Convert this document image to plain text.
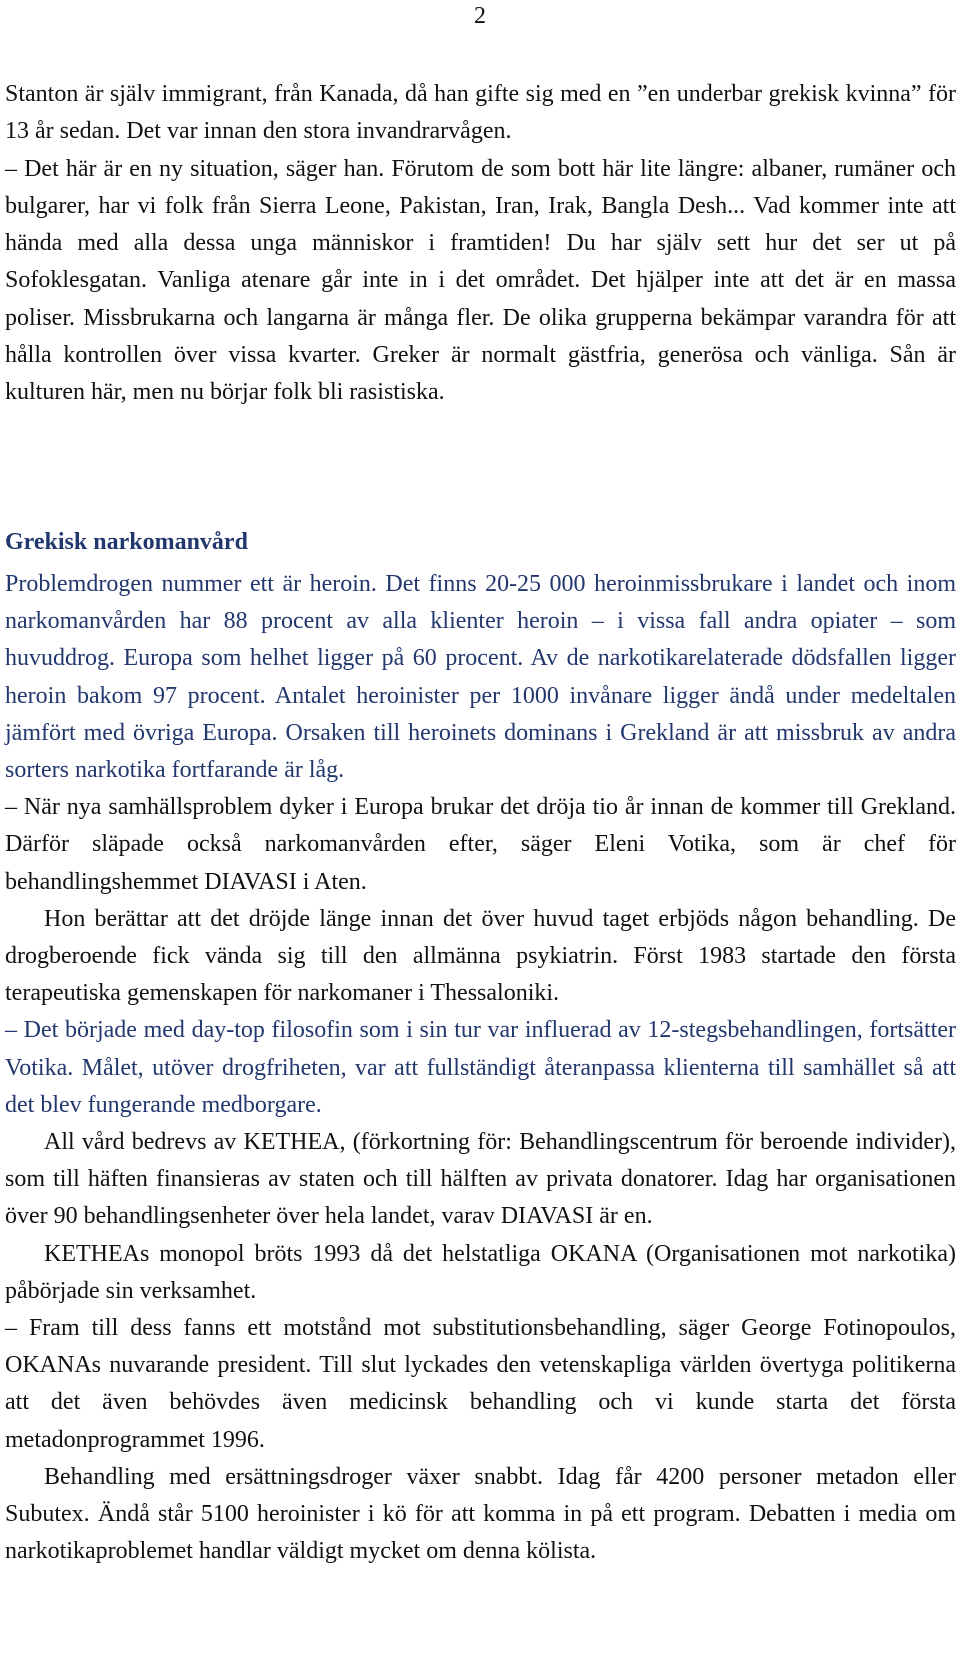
2

Stanton är själv immigrant, från Kanada, då han gifte sig med en ”en underbar grekisk kvinna” för 13 år sedan. Det var innan den stora invandrarvågen.

– Det här är en ny situation, säger han. Förutom de som bott här lite längre: albaner, rumäner och bulgarer, har vi folk från Sierra Leone, Pakistan, Iran, Irak, Bangla Desh... Vad kommer inte att hända med alla dessa unga människor i framtiden! Du har själv sett hur det ser ut på Sofoklesgatan. Vanliga atenare går inte in i det området. Det hjälper inte att det är en massa poliser. Missbrukarna och langarna är många fler. De olika grupperna bekämpar varandra för att hålla kontrollen över vissa kvarter. Greker är normalt gästfria, generösa och vänliga. Sån är kulturen här, men nu börjar folk bli rasistiska.

Grekisk narkomanvård

Problemdrogen nummer ett är heroin. Det finns 20-25 000 heroinmissbrukare i landet och inom narkomanvården har 88 procent av alla klienter heroin – i vissa fall andra opiater – som huvuddrog. Europa som helhet ligger på 60 procent. Av de narkotikarelaterade dödsfallen ligger heroin bakom 97 procent. Antalet heroinister per 1000 invånare ligger ändå under medeltalen jämfört med övriga Europa. Orsaken till heroinets dominans i Grekland är att missbruk av andra sorters narkotika fortfarande är låg.

– När nya samhällsproblem dyker i Europa brukar det dröja tio år innan de kommer till Grekland. Därför släpade också narkomanvården efter, säger Eleni Votika, som är chef för behandlingshemmet DIAVASI i Aten.

Hon berättar att det dröjde länge innan det över huvud taget erbjöds någon behandling. De drogberoende fick vända sig till den allmänna psykiatrin. Först 1983 startade den första terapeutiska gemenskapen för narkomaner i Thessaloniki.

– Det började med day-top filosofin som i sin tur var influerad av 12-stegsbehandlingen, fortsätter Votika. Målet, utöver drogfriheten, var att fullständigt återanpassa klienterna till samhället så att det blev fungerande medborgare.

All vård bedrevs av KETHEA, (förkortning för: Behandlingscentrum för beroende individer), som till häften finansieras av staten och till hälften av privata donatorer. Idag har organisationen över 90 behandlingsenheter över hela landet, varav DIAVASI är en.

KETHEAs monopol bröts 1993 då det helstatliga OKANA (Organisationen mot narkotika) påbörjade sin verksamhet.

– Fram till dess fanns ett motstånd mot substitutionsbehandling, säger George Fotinopoulos, OKANAs nuvarande president. Till slut lyckades den vetenskapliga världen övertyga politikerna att det även behövdes även medicinsk behandling och vi kunde starta det första metadonprogrammet 1996.

Behandling med ersättningsdroger växer snabbt. Idag får 4200 personer metadon eller Subutex. Ändå står 5100 heroinister i kö för att komma in på ett program. Debatten i media om narkotikaproblemet handlar väldigt mycket om denna kölista.
